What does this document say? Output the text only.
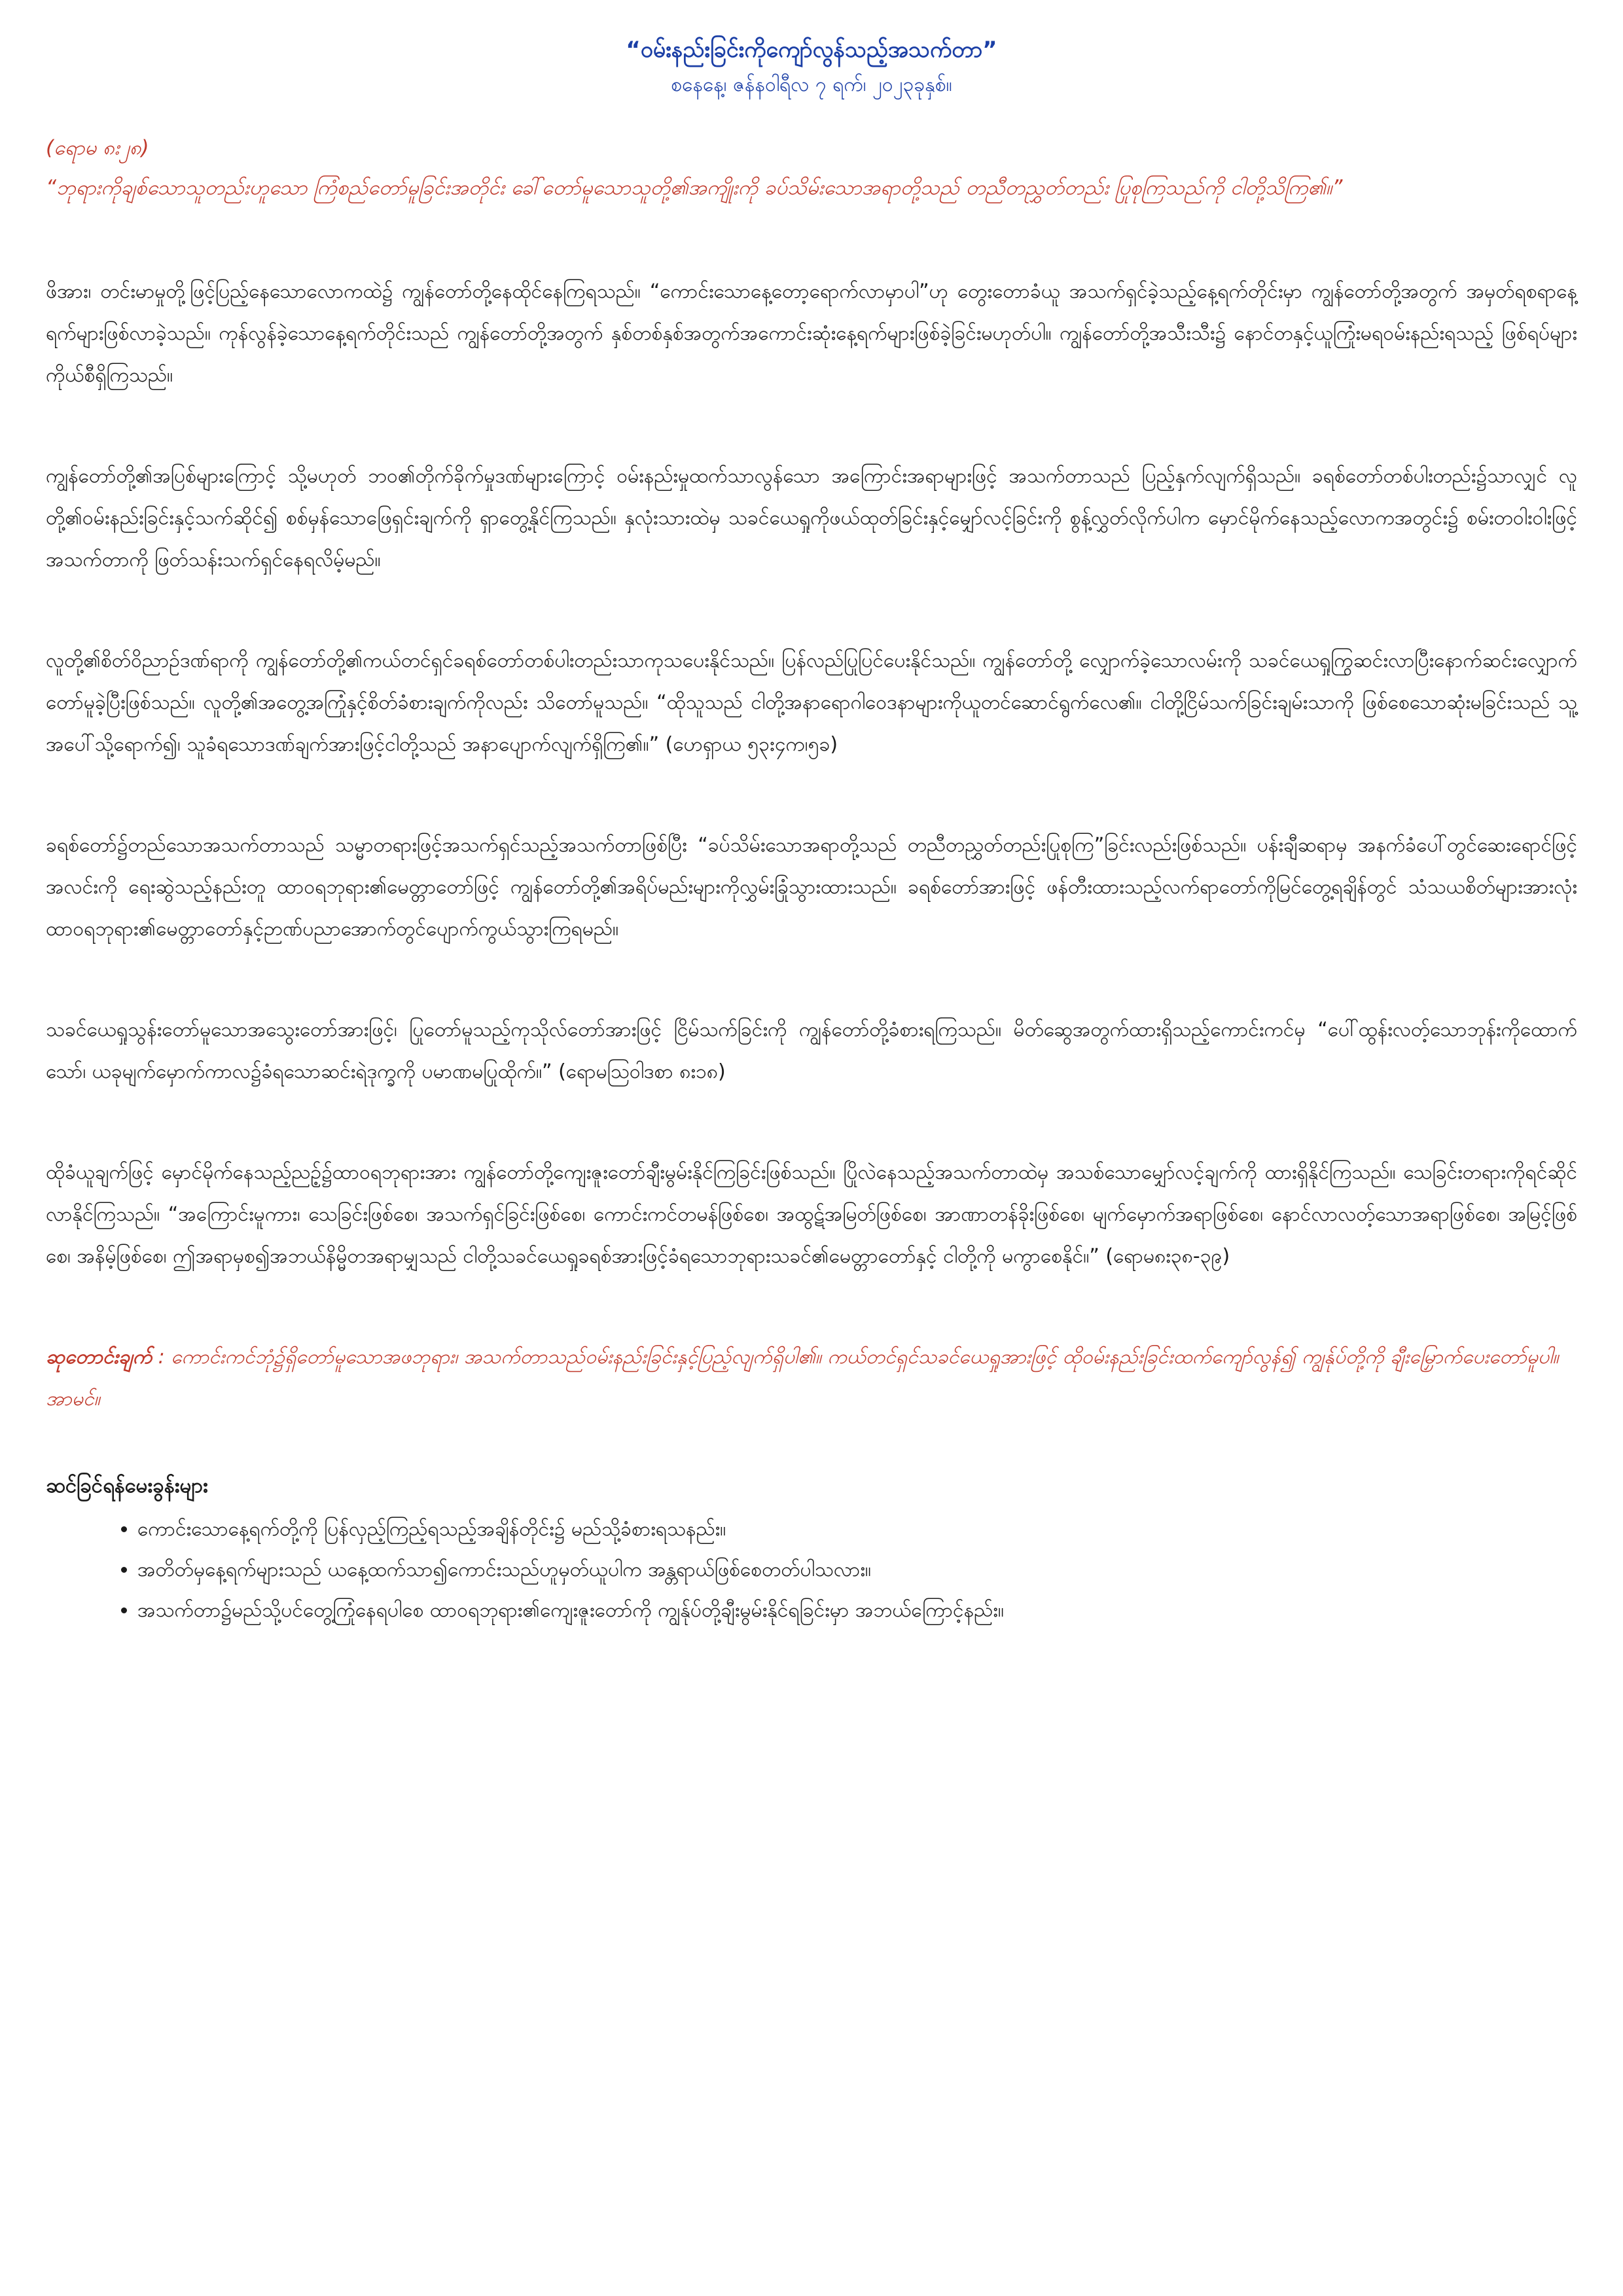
“ဝမ်းနည်းခြင်းကိုကျော်လွန်သည့်အသက်တာ”
စနေနေ့၊ ဇန်နဝါရီလ ၇ ရက်၊ ၂၀၂၃ခုနှစ်။
(ရောမ ၈း၂၈)
“ဘုရားကိုချစ်သောသူတည်းဟူသော ကြံစည်တော်မူခြင်းအတိုင်း ခေါ်တော်မူသောသူတို့၏အကျိုးကို ခပ်သိမ်းသောအရာတို့သည် တညီတညွှတ်တည်း ပြုစုကြသည်ကို ငါတို့သိကြ၏။”

ဖိအား၊ တင်းမာမှုတို့ဖြင့်ပြည့်နေသောလောကထဲ၌ ကျွန်တော်တို့နေထိုင်နေကြရသည်။ “ကောင်းသောနေ့တော့ရောက်လာမှာပါ”ဟု တွေးတောခံယူ အသက်ရှင်ခဲ့သည့်နေ့ရက်တိုင်းမှာ ကျွန်တော်တို့အတွက် အမှတ်ရစရာနေ့ရက်များဖြစ်လာခဲ့သည်။ ကုန်လွန်ခဲ့သောနေ့ရက်တိုင်းသည် ကျွန်တော်တို့အတွက် နှစ်တစ်နှစ်အတွက်အကောင်းဆုံးနေ့ရက်များဖြစ်ခဲ့ခြင်းမဟုတ်ပါ။ ကျွန်တော်တို့အသီးသီး၌ နောင်တနှင့်ယူကြုံးမရဝမ်းနည်းရသည့် ဖြစ်ရပ်များ ကိုယ်စီရှိကြသည်။

ကျွန်တော်တို့၏အပြစ်များကြောင့် သို့မဟုတ် ဘဝ၏တိုက်ခိုက်မှုဒဏ်များကြောင့် ဝမ်းနည်းမှုထက်သာလွန်သော အကြောင်းအရာများဖြင့် အသက်တာသည် ပြည့်နှက်လျက်ရှိသည်။ ခရစ်တော်တစ်ပါးတည်း၌သာလျှင် လူတို့၏ဝမ်းနည်းခြင်းနှင့်သက်ဆိုင်၍ စစ်မှန်သောဖြေရှင်းချက်ကို ရှာတွေ့နိုင်ကြသည်။ နှလုံးသားထဲမှ သခင်ယေရှုကိုဖယ်ထုတ်ခြင်းနှင့်မျှော်လင့်ခြင်းကို စွန့်လွှတ်လိုက်ပါက မှောင်မိုက်နေသည့်လောကအတွင်း၌ စမ်းတဝါးဝါးဖြင့်အသက်တာကို ဖြတ်သန်းသက်ရှင်နေရလိမ့်မည်။

လူတို့၏စိတ်ဝိညာဉ်ဒဏ်ရာကို ကျွန်တော်တို့၏ကယ်တင်ရှင်ခရစ်တော်တစ်ပါးတည်းသာကုသပေးနိုင်သည်။ ပြန်လည်ပြုပြင်ပေးနိုင်သည်။ ကျွန်တော်တို့ လျှောက်ခဲ့သောလမ်းကို သခင်ယေရှုကြွဆင်းလာပြီးနောက်ဆင်းလျှောက်တော်မူခဲ့ပြီးဖြစ်သည်။ လူတို့၏အတွေ့အကြုံနှင့်စိတ်ခံစားချက်ကိုလည်း သိတော်မူသည်။ “ထိုသူသည် ငါတို့အနာရောဂါဝေဒနာများကိုယူတင်ဆောင်ရွက်လေ၏။ ငါတို့ငြိမ်သက်ခြင်းချမ်းသာကို ဖြစ်စေသောဆုံးမခြင်းသည် သူ့အပေါ်သို့ရောက်၍၊ သူခံရသောဒဏ်ချက်အားဖြင့်ငါတို့သည် အနာပျောက်လျက်ရှိကြ၏။” (ဟေရှာယ ၅၃း၄က၊၅ခ)

ခရစ်တော်၌တည်သောအသက်တာသည် သမ္မာတရားဖြင့်အသက်ရှင်သည့်အသက်တာဖြစ်ပြီး “ခပ်သိမ်းသောအရာတို့သည် တညီတညွှတ်တည်းပြုစုကြ”ခြင်းလည်းဖြစ်သည်။ ပန်းချီဆရာမှ အနက်ခံပေါ်တွင်ဆေးရောင်ဖြင့်အလင်းကို ရေးဆွဲသည့်နည်းတူ ထာဝရဘုရား၏မေတ္တာတော်ဖြင့် ကျွန်တော်တို့၏အရိပ်မည်းများကိုလွှမ်းခြုံသွားထားသည်။ ခရစ်တော်အားဖြင့် ဖန်တီးထားသည့်လက်ရာတော်ကိုမြင်တွေ့ရချိန်တွင် သံသယစိတ်များအားလုံးထာဝရဘုရား၏မေတ္တာတော်နှင့်ဉာဏ်ပညာအောက်တွင်ပျောက်ကွယ်သွားကြရမည်။

သခင်ယေရှုသွန်းတော်မူသောအသွေးတော်အားဖြင့်၊ ပြုတော်မူသည့်ကုသိုလ်တော်အားဖြင့် ငြိမ်သက်ခြင်းကို ကျွန်တော်တို့ခံစားရကြသည်။ မိတ်ဆွေအတွက်ထားရှိသည့်ကောင်းကင်မှ “ပေါ်ထွန်းလတ့်သောဘုန်းကိုထောက်သော်၊ ယခုမျက်မှောက်ကာလ၌ခံရသောဆင်းရဲဒုက္ခကို ပမာဏမပြုထိုက်။” (ရောမ‌ဩဝါဒစာ ၈း၁၈)

ထိုခံယူချက်ဖြင့် မှောင်မိုက်နေသည့်ညဉ့်၌ထာဝရဘုရားအား ကျွန်တော်တို့ကျေးဇူးတော်ချီးမွမ်းနိုင်ကြခြင်းဖြစ်သည်။ ပြိုလဲနေသည့်အသက်တာထဲမှ အသစ်သောမျှော်လင့်ချက်ကို ထားရှိနိုင်ကြသည်။ သေခြင်းတရားကိုရင်ဆိုင်လာနိုင်ကြသည်။ “အကြောင်းမူကား၊ သေခြင်းဖြစ်စေ၊ အသက်ရှင်ခြင်းဖြစ်စေ၊ ကောင်းကင်တမန်ဖြစ်စေ၊ အထွဋ်အမြတ်ဖြစ်စေ၊ အာဏာတန်ခိုးဖြစ်စေ၊ မျက်မှောက်အရာဖြစ်စေ၊ နောင်လာလတ့်သောအရာဖြစ်စေ၊ အမြင့်ဖြစ်စေ၊ အနိမ့်ဖြစ်စေ၊ ဤအရာမှစ၍အဘယ်နိမ္မိတအရာမျှသည် ငါတို့သခင်ယေရှုခရစ်အားဖြင့်ခံရသောဘုရားသခင်၏မေတ္တာတော်နှင့် ငါတို့ကို မကွာစေနိုင်။” (ရောမ၈း၃၈-၃၉)

ဆုတောင်းချက် : ကောင်းကင်ဘုံ၌ရှိတော်မူသောအဖဘုရား၊ အသက်တာသည်ဝမ်းနည်းခြင်းနှင့်ပြည့်လျက်ရှိပါ၏။ ကယ်တင်ရှင်သခင်ယေရှုအားဖြင့် ထိုဝမ်းနည်းခြင်းထက်ကျော်လွန်၍ ကျွန်ုပ်တို့ကို ချီးမြှောက်ပေးတော်မူပါ။ အာမင်။
ဆင်ခြင်ရန်မေးခွန်းများ
• ကောင်းသောနေ့ရက်တို့ကို ပြန်လှည့်ကြည့်ရသည့်အချိန်တိုင်း၌ မည်သို့ခံစားရသနည်း။
• အတိတ်မှနေ့ရက်များသည် ယနေ့ထက်သာ၍ကောင်းသည်ဟူမှတ်ယူပါက အန္တရာယ်ဖြစ်စေတတ်ပါသလား။
• အသက်တာ၌မည်သို့ပင်တွေ့ကြုံနေရပါစေ ထာဝရဘုရား၏ကျေးဇူးတော်ကို ကျွန်ုပ်တို့ချီးမွမ်းနိုင်ရခြင်းမှာ အဘယ်ကြောင့်နည်း။
